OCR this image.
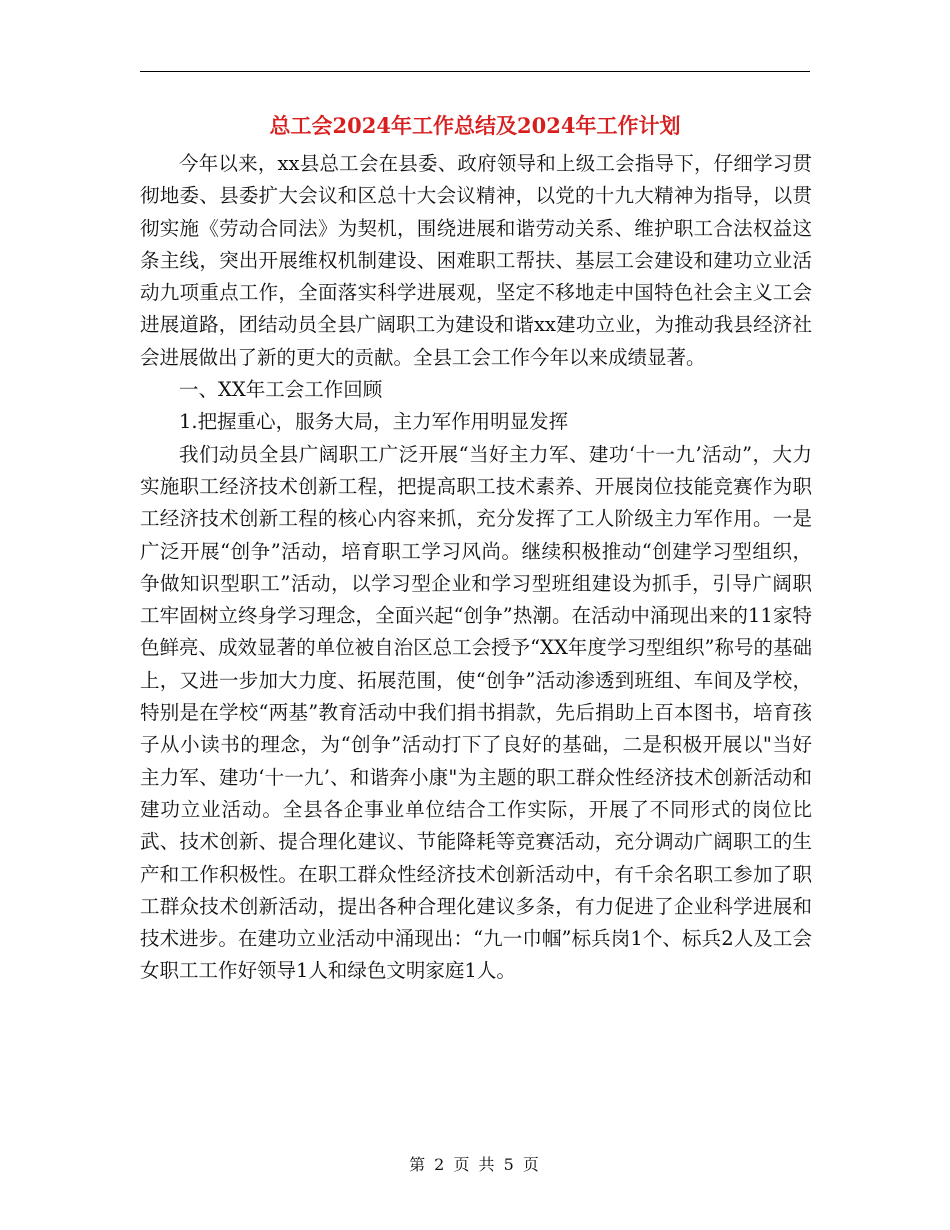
总工会2024年工作总结及2024年工作计划

今年以来，xx县总工会在县委、政府领导和上级工会指导下，仔细学习贯彻地委、县委扩大会议和区总十大会议精神，以党的十九大精神为指导，以贯彻实施《劳动合同法》为契机，围绕进展和谐劳动关系、维护职工合法权益这条主线，突出开展维权机制建设、困难职工帮扶、基层工会建设和建功立业活动九项重点工作，全面落实科学进展观，坚定不移地走中国特色社会主义工会进展道路，团结动员全县广阔职工为建设和谐xx建功立业，为推动我县经济社会进展做出了新的更大的贡献。全县工会工作今年以来成绩显著。

一、XX年工会工作回顾

1.把握重心，服务大局，主力军作用明显发挥

我们动员全县广阔职工广泛开展“当好主力军、建功‘十一九’活动”，大力实施职工经济技术创新工程，把提高职工技术素养、开展岗位技能竞赛作为职工经济技术创新工程的核心内容来抓，充分发挥了工人阶级主力军作用。一是广泛开展“创争”活动，培育职工学习风尚。继续积极推动“创建学习型组织，争做知识型职工”活动，以学习型企业和学习型班组建设为抓手，引导广阔职工牢固树立终身学习理念，全面兴起“创争”热潮。在活动中涌现出来的11家特色鲜亮、成效显著的单位被自治区总工会授予“XX年度学习型组织”称号的基础上，又进一步加大力度、拓展范围，使“创争”活动渗透到班组、车间及学校，特别是在学校“两基”教育活动中我们捐书捐款，先后捐助上百本图书，培育孩子从小读书的理念，为“创争”活动打下了良好的基础，二是积极开展以"当好主力军、建功‘十一九’、和谐奔小康"为主题的职工群众性经济技术创新活动和建功立业活动。全县各企事业单位结合工作实际，开展了不同形式的岗位比武、技术创新、提合理化建议、节能降耗等竞赛活动，充分调动广阔职工的生产和工作积极性。在职工群众性经济技术创新活动中，有千余名职工参加了职工群众技术创新活动，提出各种合理化建议多条，有力促进了企业科学进展和技术进步。在建功立业活动中涌现出：“九一巾帼”标兵岗1个、标兵2人及工会女职工工作好领导1人和绿色文明家庭1人。

第 2 页 共 5 页
